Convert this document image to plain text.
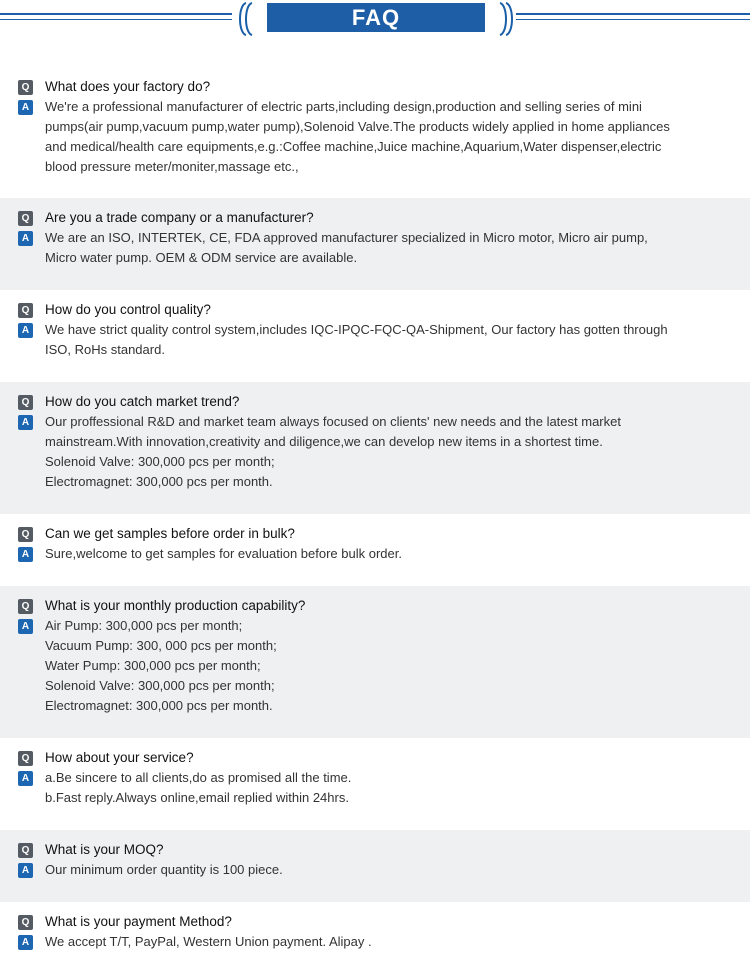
FAQ
Q What does your factory do?
A We're a professional manufacturer of electric parts,including design,production and selling series of mini
pumps(air pump,vacuum pump,water pump),Solenoid Valve.The products widely applied in home appliances
and medical/health care equipments,e.g.:Coffee machine,Juice machine,Aquarium,Water dispenser,electric
blood pressure meter/moniter,massage etc.,
Q Are you a trade company or a manufacturer?
A We are an ISO, INTERTEK, CE, FDA approved manufacturer specialized in Micro motor, Micro air pump,
Micro water pump. OEM & ODM service are available.
Q How do you control quality?
A We have strict quality control system,includes IQC-IPQC-FQC-QA-Shipment, Our factory has gotten through
ISO, RoHs standard.
Q How do you catch market trend?
A Our proffessional R&D and market team always focused on clients' new needs and the latest market
mainstream.With innovation,creativity and diligence,we can develop new items in a shortest time.
Solenoid Valve: 300,000 pcs per month;
Electromagnet: 300,000 pcs per month.
Q Can we get samples before order in bulk?
A Sure,welcome to get samples for evaluation before bulk order.
Q What is your monthly production capability?
A Air Pump: 300,000 pcs per month;
Vacuum Pump: 300, 000 pcs per month;
Water Pump: 300,000 pcs per month;
Solenoid Valve: 300,000 pcs per month;
Electromagnet: 300,000 pcs per month.
Q How about your service?
A a.Be sincere to all clients,do as promised all the time.
b.Fast reply.Always online,email replied within 24hrs.
Q What is your MOQ?
A Our minimum order quantity is 100 piece.
Q What is your payment Method?
A We accept T/T, PayPal, Western Union payment. Alipay .
